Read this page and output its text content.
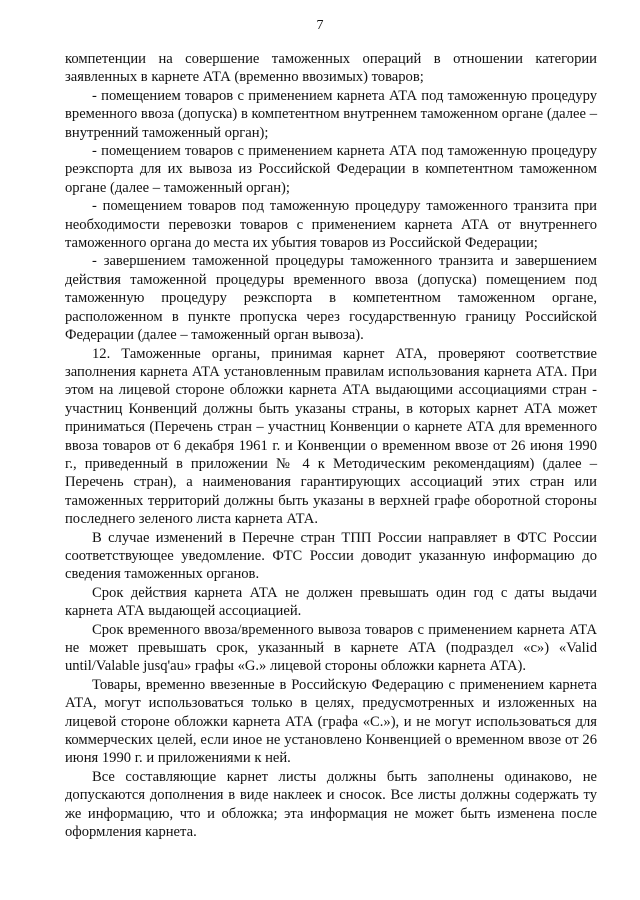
7

компетенции на совершение таможенных операций в отношении категории заявленных в карнете АТА (временно ввозимых) товаров;

- помещением товаров с применением карнета АТА под таможенную процедуру временного ввоза (допуска) в компетентном внутреннем таможенном органе (далее – внутренний таможенный орган);

- помещением товаров с применением карнета АТА под таможенную процедуру реэкспорта для их вывоза из Российской Федерации в компетентном таможенном органе (далее – таможенный орган);

- помещением товаров под таможенную процедуру таможенного транзита при необходимости перевозки товаров с применением карнета АТА от внутреннего таможенного органа до места их убытия товаров из Российской Федерации;

- завершением таможенной процедуры таможенного транзита и завершением действия таможенной процедуры временного ввоза (допуска) помещением под таможенную процедуру реэкспорта в компетентном таможенном органе, расположенном в пункте пропуска через государственную границу Российской Федерации (далее – таможенный орган вывоза).

12. Таможенные органы, принимая карнет АТА, проверяют соответствие заполнения карнета АТА установленным правилам использования карнета АТА. При этом на лицевой стороне обложки карнета АТА выдающими ассоциациями стран - участниц Конвенций должны быть указаны страны, в которых карнет АТА может приниматься (Перечень стран – участниц Конвенции о карнете АТА для временного ввоза товаров от 6 декабря 1961 г. и Конвенции о временном ввозе от 26 июня 1990 г., приведенный в приложении № 4 к Методическим рекомендациям) (далее – Перечень стран), а наименования гарантирующих ассоциаций этих стран или таможенных территорий должны быть указаны в верхней графе оборотной стороны последнего зеленого листа карнета АТА.

В случае изменений в Перечне стран ТПП России направляет в ФТС России соответствующее уведомление. ФТС России доводит указанную информацию до сведения таможенных органов.

Срок действия карнета АТА не должен превышать один год с даты выдачи карнета АТА выдающей ассоциацией.

Срок временного ввоза/временного вывоза товаров с применением карнета АТА не может превышать срок, указанный в карнете АТА (подраздел «c») «Valid until/Valable jusq'au» графы «G.» лицевой стороны обложки карнета АТА).

Товары, временно ввезенные в Российскую Федерацию с применением карнета АТА, могут использоваться только в целях, предусмотренных и изложенных на лицевой стороне обложки карнета АТА (графа «С.»), и не могут использоваться для коммерческих целей, если иное не установлено Конвенцией о временном ввозе от 26 июня 1990 г. и приложениями к ней.

Все составляющие карнет листы должны быть заполнены одинаково, не допускаются дополнения в виде наклеек и сносок. Все листы должны содержать ту же информацию, что и обложка; эта информация не может быть изменена после оформления карнета.
